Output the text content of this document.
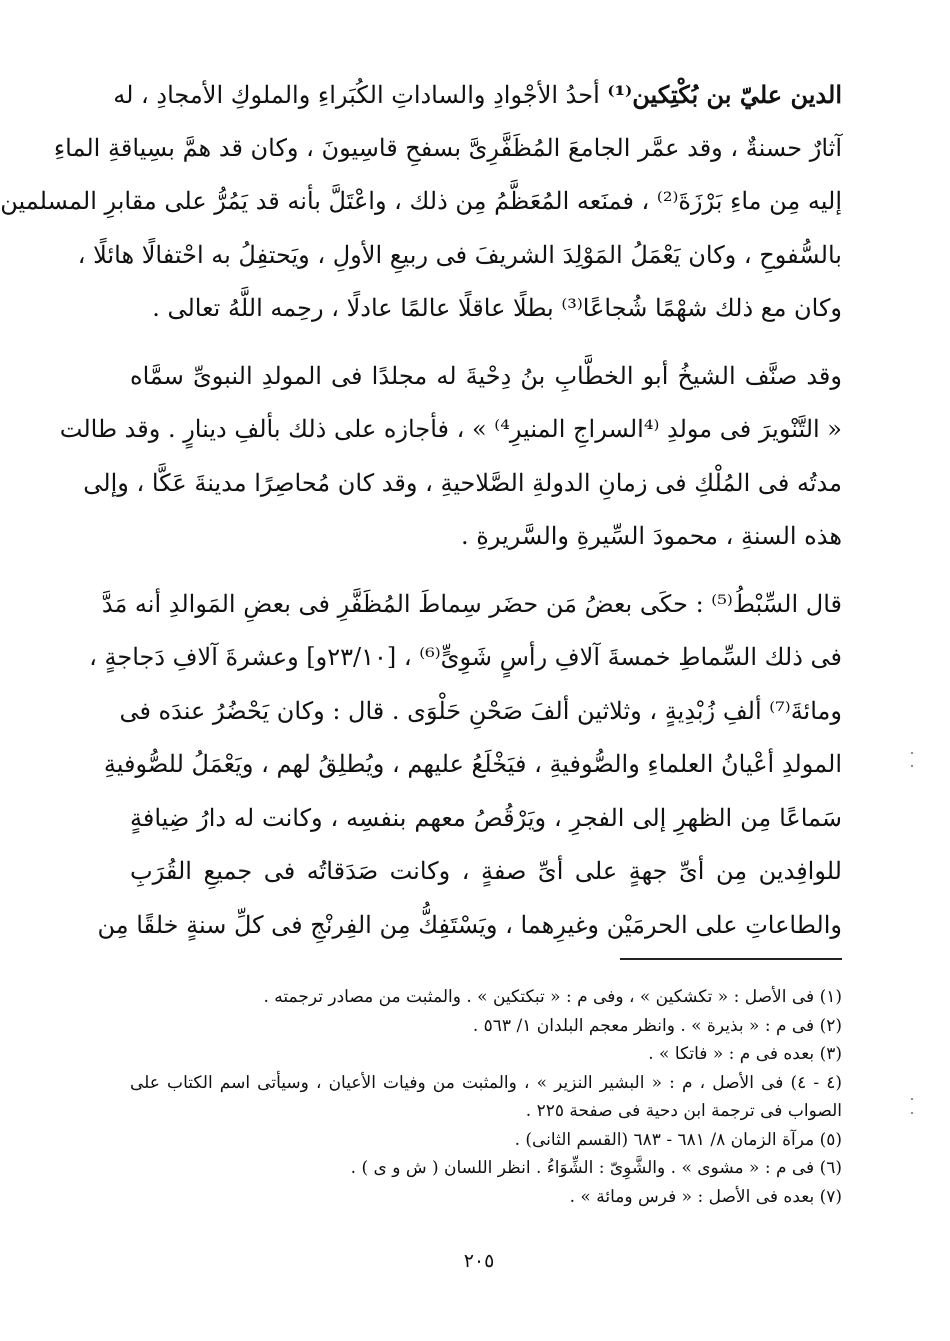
الدين عليّ بن بُكْتِكين⁽¹⁾ أحدُ الأجْوادِ والساداتِ الكُبَراءِ والملوكِ الأمجادِ ، له
آثارٌ حسنةٌ ، وقد عمَّر الجامعَ المُظَفَّرِىَّ بسفحِ قاسِيونَ ، وكان قد همَّ بسِياقةِ الماءِ
إليه مِن ماءِ بَرْزَةَ⁽²⁾ ، فمنَعه المُعَظَّمُ مِن ذلك ، واعْتَلَّ بأنه قد يَمُرُّ على مقابرِ المسلمين
بالسُّفوحِ ، وكان يَعْمَلُ المَوْلِدَ الشريفَ فى ربيعِ الأولِ ، ويَحتفِلُ به احْتفالًا هائلًا ،
وكان مع ذلك شهْمًا شُجاعًا⁽³⁾ بطلًا عاقلًا عالمًا عادلًا ، رحِمه اللَّهُ تعالى .
وقد صنَّف الشيخُ أبو الخطَّابِ بنُ دِحْيةَ له مجلدًا فى المولدِ النبوىِّ سمَّاه
« التَّنْويرَ فى مولدِ ⁽⁴السراجِ المنيرِ⁴⁾ » ، فأجازه على ذلك بألفِ دينارٍ . وقد طالت
مدتُه فى المُلْكِ فى زمانِ الدولةِ الصَّلاحيةِ ، وقد كان مُحاصِرًا مدينةَ عَكَّا ، وإلى
هذه السنةِ ، محمودَ السِّيرةِ والسَّريرةِ .
قال السِّبْطُ⁽⁵⁾ : حكَى بعضُ مَن حضَر سِماطَ المُظَفَّرِ فى بعضِ المَوالدِ أنه مَدَّ
فى ذلك السِّماطِ خمسةَ آلافِ رأسٍ شَوِىٍّ⁽⁶⁾ ، [٢٣/١٠و] وعشرةَ آلافِ دَجاجةٍ ،
ومائةَ⁽⁷⁾ ألفِ زُبْدِيةٍ ، وثلاثين ألفَ صَحْنِ حَلْوَى . قال : وكان يَحْضُرُ عندَه فى
المولدِ أعْيانُ العلماءِ والصُّوفيةِ ، فيَخْلَعُ عليهم ، ويُطلِقُ لهم ، ويَعْمَلُ للصُّوفيةِ
سَماعًا مِن الظهرِ إلى الفجرِ ، ويَرْقُصُ معهم بنفسِه ، وكانت له دارُ ضِيافةٍ
للوافِدين مِن أىِّ جهةٍ على أىِّ صفةٍ ، وكانت صَدَقاتُه فى جميعِ القُرَبِ
والطاعاتِ على الحرمَيْن وغيرِهما ، ويَسْتَفِكُّ مِن الفِرنْجِ فى كلِّ سنةٍ خلقًا مِن
(١) فى الأصل : « تكشكين » ، وفى م : « تبكتكين » . والمثبت من مصادر ترجمته .
(٢) فى م : « بذيرة » . وانظر معجم البلدان ١/ ٥٦٣ .
(٣) بعده فى م : « فاتكا » .
(٤ - ٤) فى الأصل ، م : « البشير النزير » ، والمثبت من وفيات الأعيان ، وسيأتى اسم الكتاب على
الصواب فى ترجمة ابن دحية فى صفحة ٢٢٥ .
(٥) مرآة الزمان ٨/ ٦٨١ - ٦٨٣ (القسم الثانى) .
(٦) فى م : « مشوى » . والشَّوِىّ : الشِّوَاءُ . انظر اللسان ( ش و ى ) .
(٧) بعده فى الأصل : « فرس ومائة » .
٢٠٥
